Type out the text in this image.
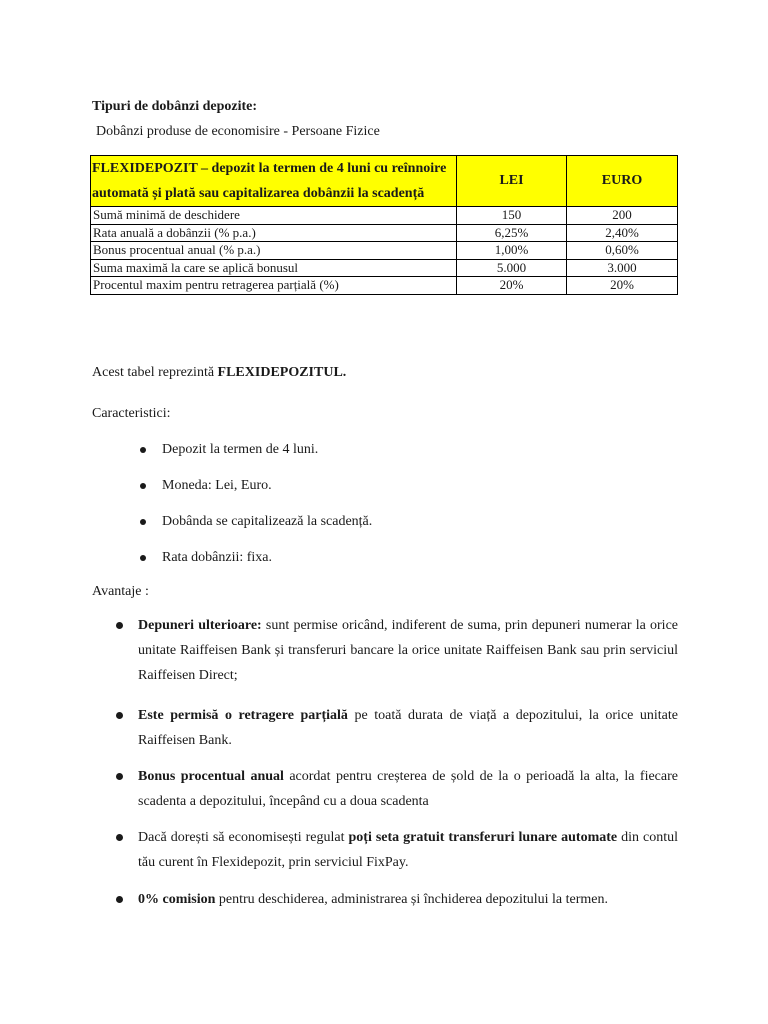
Tipuri de dobânzi depozite:
Dobânzi produse de economisire - Persoane Fizice
FLEXIDEPOZIT – depozit la termen de 4 luni cu reînnoire automată și plată sau capitalizarea dobânzii la scadență	LEI	EURO
Sumă minimă de deschidere	150	200
Rata anuală a dobânzii (% p.a.)	6,25%	2,40%
Bonus procentual anual (% p.a.)	1,00%	0,60%
Suma maximă la care se aplică bonusul	5.000	3.000
Procentul maxim pentru retragerea parțială (%)	20%	20%
Acest tabel reprezintă FLEXIDEPOZITUL.
Caracteristici:
Depozit la termen de 4 luni.
Moneda: Lei, Euro.
Dobânda se capitalizează la scadență.
Rata dobânzii: fixa.
Avantaje :
Depuneri ulterioare: sunt permise oricând, indiferent de suma, prin depuneri numerar la orice unitate Raiffeisen Bank și transferuri bancare la orice unitate Raiffeisen Bank sau prin serviciul Raiffeisen Direct;
Este permisă o retragere parțială pe toată durata de viață a depozitului, la orice unitate Raiffeisen Bank.
Bonus procentual anual acordat pentru creșterea de șold de la o perioadă la alta, la fiecare scadenta a depozitului, începând cu a doua scadenta
Dacă dorești să economisești regulat poți seta gratuit transferuri lunare automate din contul tău curent în Flexidepozit, prin serviciul FixPay.
0% comision pentru deschiderea, administrarea și închiderea depozitului la termen.
